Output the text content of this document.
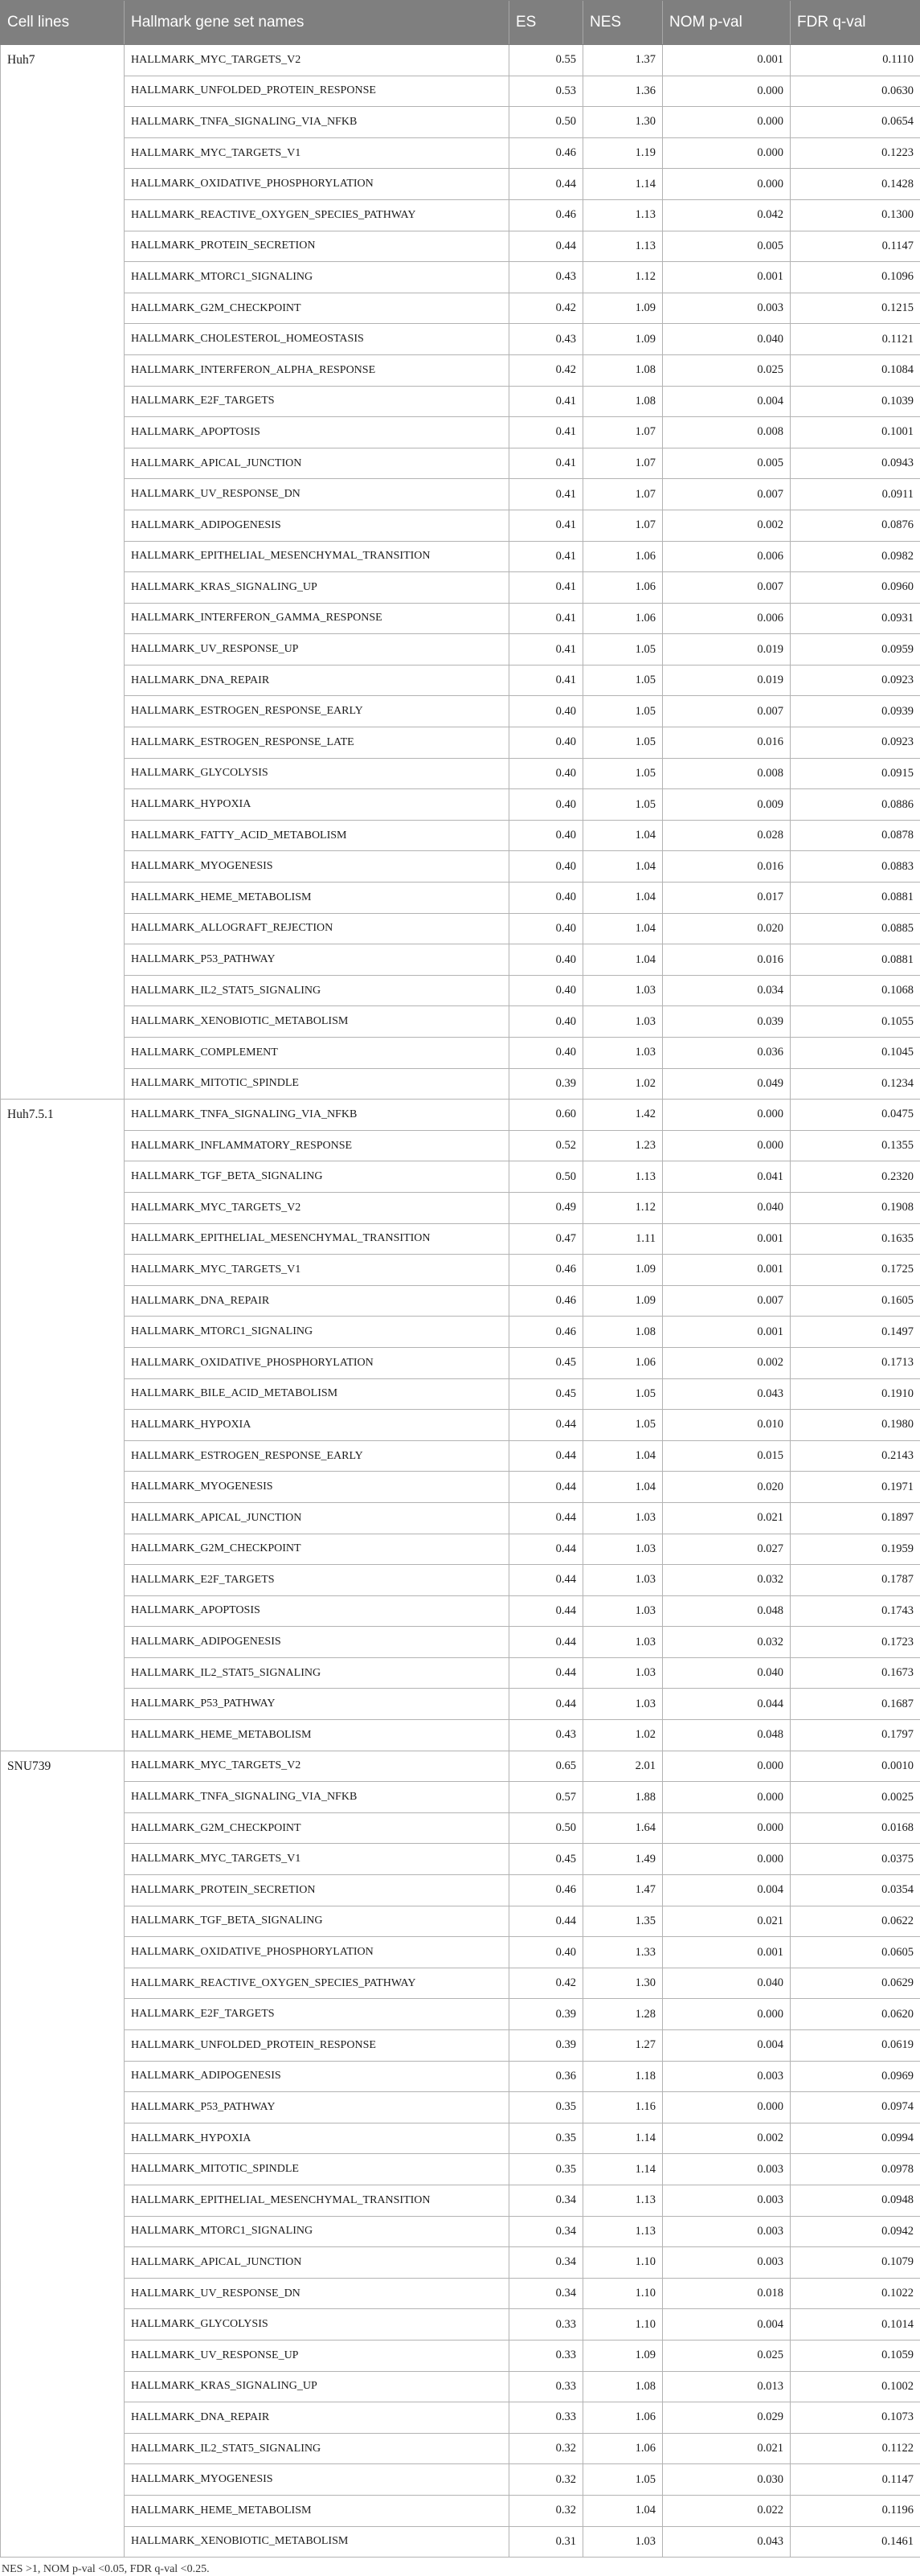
Cell lines	Hallmark gene set names	ES	NES	NOM p-val	FDR q-val
Huh7	HALLMARK_MYC_TARGETS_V2	0.55	1.37	0.001	0.1110
	HALLMARK_UNFOLDED_PROTEIN_RESPONSE	0.53	1.36	0.000	0.0630
	HALLMARK_TNFA_SIGNALING_VIA_NFKB	0.50	1.30	0.000	0.0654
	HALLMARK_MYC_TARGETS_V1	0.46	1.19	0.000	0.1223
	HALLMARK_OXIDATIVE_PHOSPHORYLATION	0.44	1.14	0.000	0.1428
	HALLMARK_REACTIVE_OXYGEN_SPECIES_PATHWAY	0.46	1.13	0.042	0.1300
	HALLMARK_PROTEIN_SECRETION	0.44	1.13	0.005	0.1147
	HALLMARK_MTORC1_SIGNALING	0.43	1.12	0.001	0.1096
	HALLMARK_G2M_CHECKPOINT	0.42	1.09	0.003	0.1215
	HALLMARK_CHOLESTEROL_HOMEOSTASIS	0.43	1.09	0.040	0.1121
	HALLMARK_INTERFERON_ALPHA_RESPONSE	0.42	1.08	0.025	0.1084
	HALLMARK_E2F_TARGETS	0.41	1.08	0.004	0.1039
	HALLMARK_APOPTOSIS	0.41	1.07	0.008	0.1001
	HALLMARK_APICAL_JUNCTION	0.41	1.07	0.005	0.0943
	HALLMARK_UV_RESPONSE_DN	0.41	1.07	0.007	0.0911
	HALLMARK_ADIPOGENESIS	0.41	1.07	0.002	0.0876
	HALLMARK_EPITHELIAL_MESENCHYMAL_TRANSITION	0.41	1.06	0.006	0.0982
	HALLMARK_KRAS_SIGNALING_UP	0.41	1.06	0.007	0.0960
	HALLMARK_INTERFERON_GAMMA_RESPONSE	0.41	1.06	0.006	0.0931
	HALLMARK_UV_RESPONSE_UP	0.41	1.05	0.019	0.0959
	HALLMARK_DNA_REPAIR	0.41	1.05	0.019	0.0923
	HALLMARK_ESTROGEN_RESPONSE_EARLY	0.40	1.05	0.007	0.0939
	HALLMARK_ESTROGEN_RESPONSE_LATE	0.40	1.05	0.016	0.0923
	HALLMARK_GLYCOLYSIS	0.40	1.05	0.008	0.0915
	HALLMARK_HYPOXIA	0.40	1.05	0.009	0.0886
	HALLMARK_FATTY_ACID_METABOLISM	0.40	1.04	0.028	0.0878
	HALLMARK_MYOGENESIS	0.40	1.04	0.016	0.0883
	HALLMARK_HEME_METABOLISM	0.40	1.04	0.017	0.0881
	HALLMARK_ALLOGRAFT_REJECTION	0.40	1.04	0.020	0.0885
	HALLMARK_P53_PATHWAY	0.40	1.04	0.016	0.0881
	HALLMARK_IL2_STAT5_SIGNALING	0.40	1.03	0.034	0.1068
	HALLMARK_XENOBIOTIC_METABOLISM	0.40	1.03	0.039	0.1055
	HALLMARK_COMPLEMENT	0.40	1.03	0.036	0.1045
	HALLMARK_MITOTIC_SPINDLE	0.39	1.02	0.049	0.1234
Huh7.5.1	HALLMARK_TNFA_SIGNALING_VIA_NFKB	0.60	1.42	0.000	0.0475
	HALLMARK_INFLAMMATORY_RESPONSE	0.52	1.23	0.000	0.1355
	HALLMARK_TGF_BETA_SIGNALING	0.50	1.13	0.041	0.2320
	HALLMARK_MYC_TARGETS_V2	0.49	1.12	0.040	0.1908
	HALLMARK_EPITHELIAL_MESENCHYMAL_TRANSITION	0.47	1.11	0.001	0.1635
	HALLMARK_MYC_TARGETS_V1	0.46	1.09	0.001	0.1725
	HALLMARK_DNA_REPAIR	0.46	1.09	0.007	0.1605
	HALLMARK_MTORC1_SIGNALING	0.46	1.08	0.001	0.1497
	HALLMARK_OXIDATIVE_PHOSPHORYLATION	0.45	1.06	0.002	0.1713
	HALLMARK_BILE_ACID_METABOLISM	0.45	1.05	0.043	0.1910
	HALLMARK_HYPOXIA	0.44	1.05	0.010	0.1980
	HALLMARK_ESTROGEN_RESPONSE_EARLY	0.44	1.04	0.015	0.2143
	HALLMARK_MYOGENESIS	0.44	1.04	0.020	0.1971
	HALLMARK_APICAL_JUNCTION	0.44	1.03	0.021	0.1897
	HALLMARK_G2M_CHECKPOINT	0.44	1.03	0.027	0.1959
	HALLMARK_E2F_TARGETS	0.44	1.03	0.032	0.1787
	HALLMARK_APOPTOSIS	0.44	1.03	0.048	0.1743
	HALLMARK_ADIPOGENESIS	0.44	1.03	0.032	0.1723
	HALLMARK_IL2_STAT5_SIGNALING	0.44	1.03	0.040	0.1673
	HALLMARK_P53_PATHWAY	0.44	1.03	0.044	0.1687
	HALLMARK_HEME_METABOLISM	0.43	1.02	0.048	0.1797
SNU739	HALLMARK_MYC_TARGETS_V2	0.65	2.01	0.000	0.0010
	HALLMARK_TNFA_SIGNALING_VIA_NFKB	0.57	1.88	0.000	0.0025
	HALLMARK_G2M_CHECKPOINT	0.50	1.64	0.000	0.0168
	HALLMARK_MYC_TARGETS_V1	0.45	1.49	0.000	0.0375
	HALLMARK_PROTEIN_SECRETION	0.46	1.47	0.004	0.0354
	HALLMARK_TGF_BETA_SIGNALING	0.44	1.35	0.021	0.0622
	HALLMARK_OXIDATIVE_PHOSPHORYLATION	0.40	1.33	0.001	0.0605
	HALLMARK_REACTIVE_OXYGEN_SPECIES_PATHWAY	0.42	1.30	0.040	0.0629
	HALLMARK_E2F_TARGETS	0.39	1.28	0.000	0.0620
	HALLMARK_UNFOLDED_PROTEIN_RESPONSE	0.39	1.27	0.004	0.0619
	HALLMARK_ADIPOGENESIS	0.36	1.18	0.003	0.0969
	HALLMARK_P53_PATHWAY	0.35	1.16	0.000	0.0974
	HALLMARK_HYPOXIA	0.35	1.14	0.002	0.0994
	HALLMARK_MITOTIC_SPINDLE	0.35	1.14	0.003	0.0978
	HALLMARK_EPITHELIAL_MESENCHYMAL_TRANSITION	0.34	1.13	0.003	0.0948
	HALLMARK_MTORC1_SIGNALING	0.34	1.13	0.003	0.0942
	HALLMARK_APICAL_JUNCTION	0.34	1.10	0.003	0.1079
	HALLMARK_UV_RESPONSE_DN	0.34	1.10	0.018	0.1022
	HALLMARK_GLYCOLYSIS	0.33	1.10	0.004	0.1014
	HALLMARK_UV_RESPONSE_UP	0.33	1.09	0.025	0.1059
	HALLMARK_KRAS_SIGNALING_UP	0.33	1.08	0.013	0.1002
	HALLMARK_DNA_REPAIR	0.33	1.06	0.029	0.1073
	HALLMARK_IL2_STAT5_SIGNALING	0.32	1.06	0.021	0.1122
	HALLMARK_MYOGENESIS	0.32	1.05	0.030	0.1147
	HALLMARK_HEME_METABOLISM	0.32	1.04	0.022	0.1196
	HALLMARK_XENOBIOTIC_METABOLISM	0.31	1.03	0.043	0.1461
NES >1, NOM p-val <0.05, FDR q-val <0.25.
